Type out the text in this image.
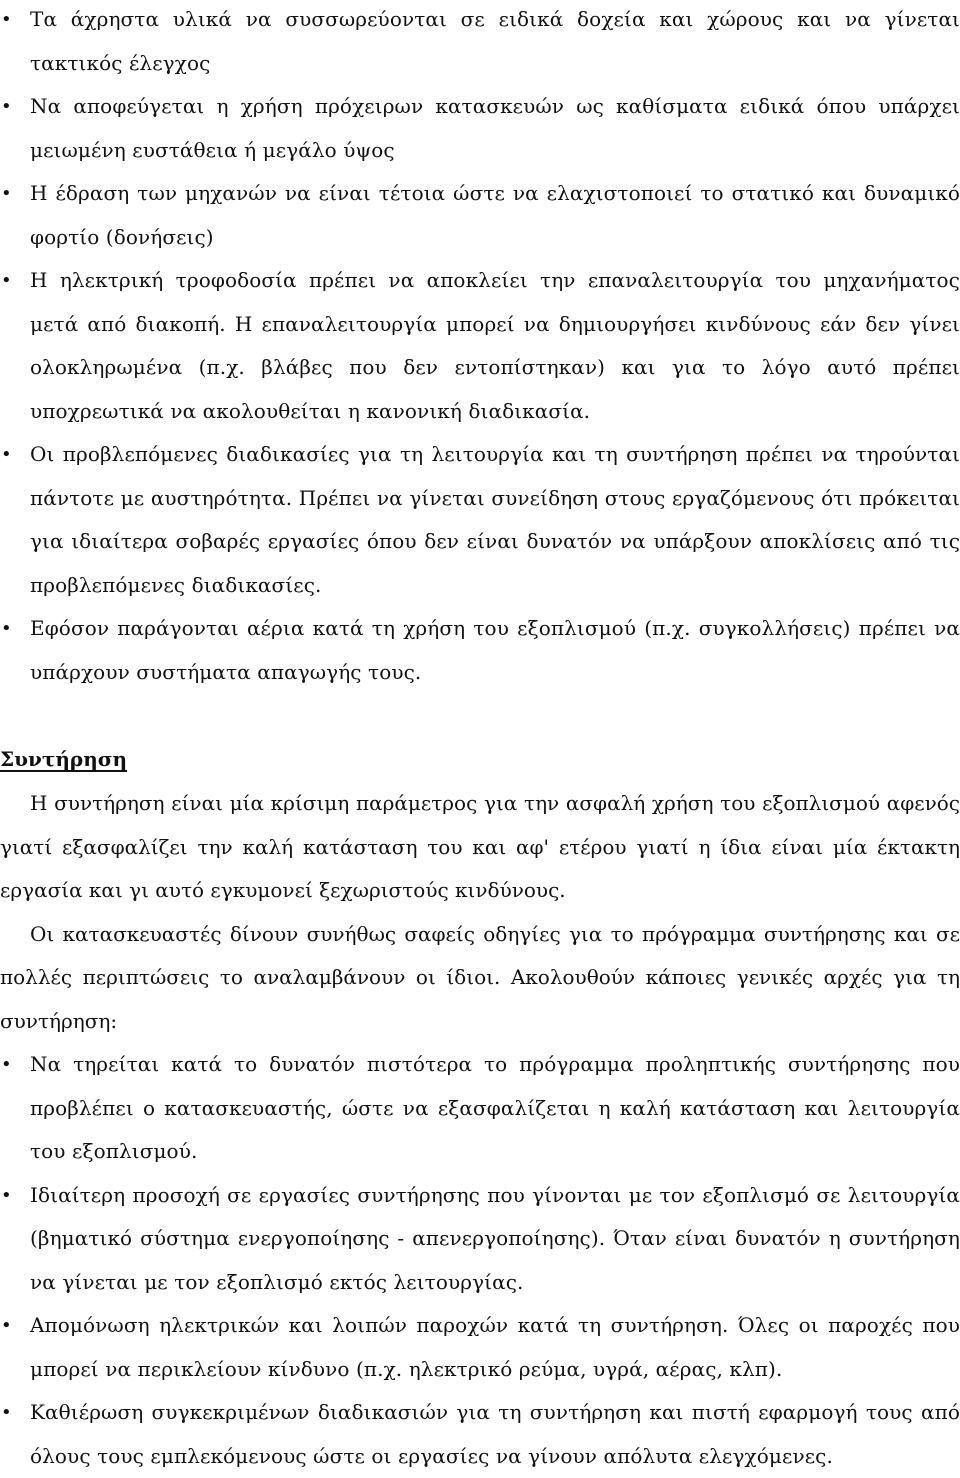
• Τα άχρηστα υλικά να συσσωρεύονται σε ειδικά δοχεία και χώρους και να γίνεται τακτικός έλεγχος
• Να αποφεύγεται η χρήση πρόχειρων κατασκευών ως καθίσματα ειδικά όπου υπάρχει μειωμένη ευστάθεια ή μεγάλο ύψος
• Η έδραση των μηχανών να είναι τέτοια ώστε να ελαχιστοποιεί το στατικό και δυναμικό φορτίο (δονήσεις)
• Η ηλεκτρική τροφοδοσία πρέπει να αποκλείει την επαναλειτουργία του μηχανήματος μετά από διακοπή. Η επαναλειτουργία μπορεί να δημιουργήσει κινδύνους εάν δεν γίνει ολοκληρωμένα (π.χ. βλάβες που δεν εντοπίστηκαν) και για το λόγο αυτό πρέπει υποχρεωτικά να ακολουθείται η κανονική διαδικασία.
• Οι προβλεπόμενες διαδικασίες για τη λειτουργία και τη συντήρηση πρέπει να τηρούνται πάντοτε με αυστηρότητα. Πρέπει να γίνεται συνείδηση στους εργαζόμενους ότι πρόκειται για ιδιαίτερα σοβαρές εργασίες όπου δεν είναι δυνατόν να υπάρξουν αποκλίσεις από τις προβλεπόμενες διαδικασίες.
• Εφόσον παράγονται αέρια κατά τη χρήση του εξοπλισμού (π.χ. συγκολλήσεις) πρέπει να υπάρχουν συστήματα απαγωγής τους.
Συντήρηση

Η συντήρηση είναι μία κρίσιμη παράμετρος για την ασφαλή χρήση του εξοπλισμού αφενός γιατί εξασφαλίζει την καλή κατάσταση του και αφ' ετέρου γιατί η ίδια είναι μία έκτακτη εργασία και γι αυτό εγκυμονεί ξεχωριστούς κινδύνους.

Οι κατασκευαστές δίνουν συνήθως σαφείς οδηγίες για το πρόγραμμα συντήρησης και σε πολλές περιπτώσεις το αναλαμβάνουν οι ίδιοι. Ακολουθούν κάποιες γενικές αρχές για τη συντήρηση:

• Να τηρείται κατά το δυνατόν πιστότερα το πρόγραμμα προληπτικής συντήρησης που προβλέπει ο κατασκευαστής, ώστε να εξασφαλίζεται η καλή κατάσταση και λειτουργία του εξοπλισμού.
• Ιδιαίτερη προσοχή σε εργασίες συντήρησης που γίνονται με τον εξοπλισμό σε λειτουργία (βηματικό σύστημα ενεργοποίησης - απενεργοποίησης). Όταν είναι δυνατόν η συντήρηση να γίνεται με τον εξοπλισμό εκτός λειτουργίας.
• Απομόνωση ηλεκτρικών και λοιπών παροχών κατά τη συντήρηση. Όλες οι παροχές που μπορεί να περικλείουν κίνδυνο (π.χ. ηλεκτρικό ρεύμα, υγρά, αέρας, κλπ).
• Καθιέρωση συγκεκριμένων διαδικασιών για τη συντήρηση και πιστή εφαρμογή τους από όλους τους εμπλεκόμενους ώστε οι εργασίες να γίνουν απόλυτα ελεγχόμενες.
